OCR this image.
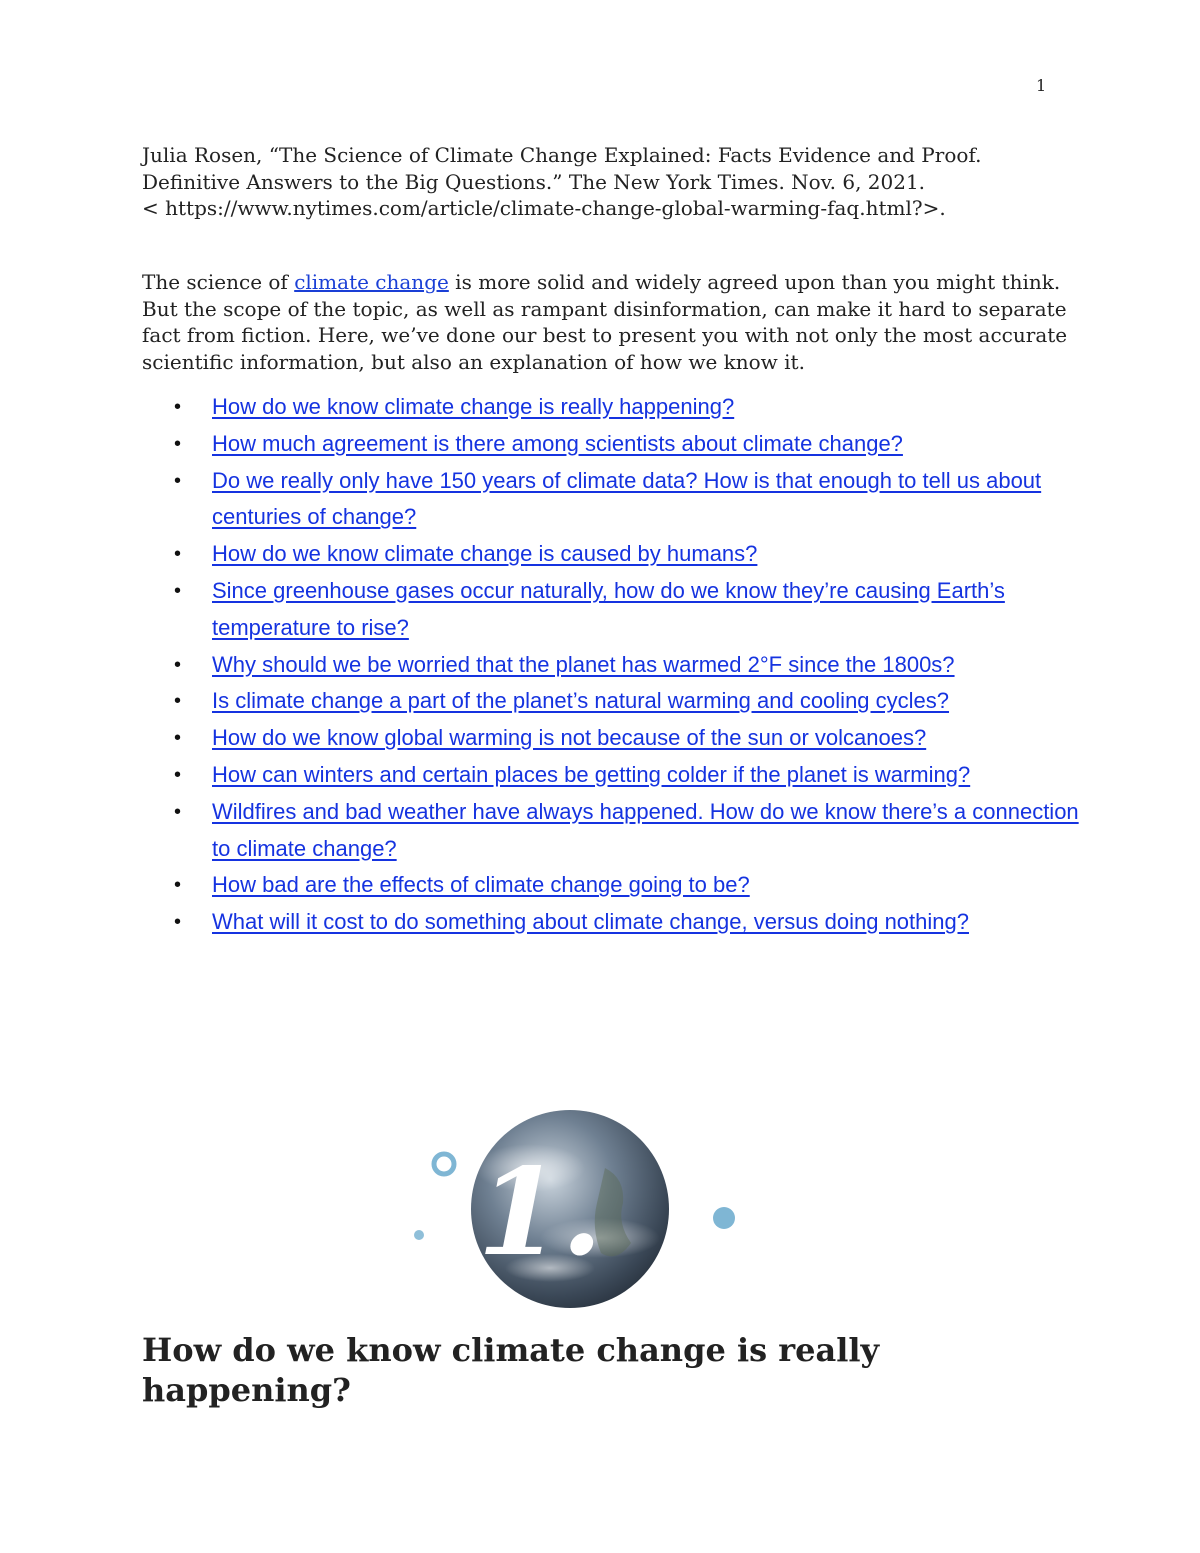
1
Julia Rosen, “The Science of Climate Change Explained: Facts Evidence and Proof.
Definitive Answers to the Big Questions.” The New York Times. Nov. 6, 2021.
< https://www.nytimes.com/article/climate-change-global-warming-faq.html?>.

The science of climate change is more solid and widely agreed upon than you might think. But the scope of the topic, as well as rampant disinformation, can make it hard to separate fact from fiction. Here, we’ve done our best to present you with not only the most accurate scientific information, but also an explanation of how we know it.

• How do we know climate change is really happening?
• How much agreement is there among scientists about climate change?
• Do we really only have 150 years of climate data? How is that enough to tell us about centuries of change?
• How do we know climate change is caused by humans?
• Since greenhouse gases occur naturally, how do we know they’re causing Earth’s temperature to rise?
• Why should we be worried that the planet has warmed 2°F since the 1800s?
• Is climate change a part of the planet’s natural warming and cooling cycles?
• How do we know global warming is not because of the sun or volcanoes?
• How can winters and certain places be getting colder if the planet is warming?
• Wildfires and bad weather have always happened. How do we know there’s a connection to climate change?
• How bad are the effects of climate change going to be?
• What will it cost to do something about climate change, versus doing nothing?
1.
How do we know climate change is really happening?
